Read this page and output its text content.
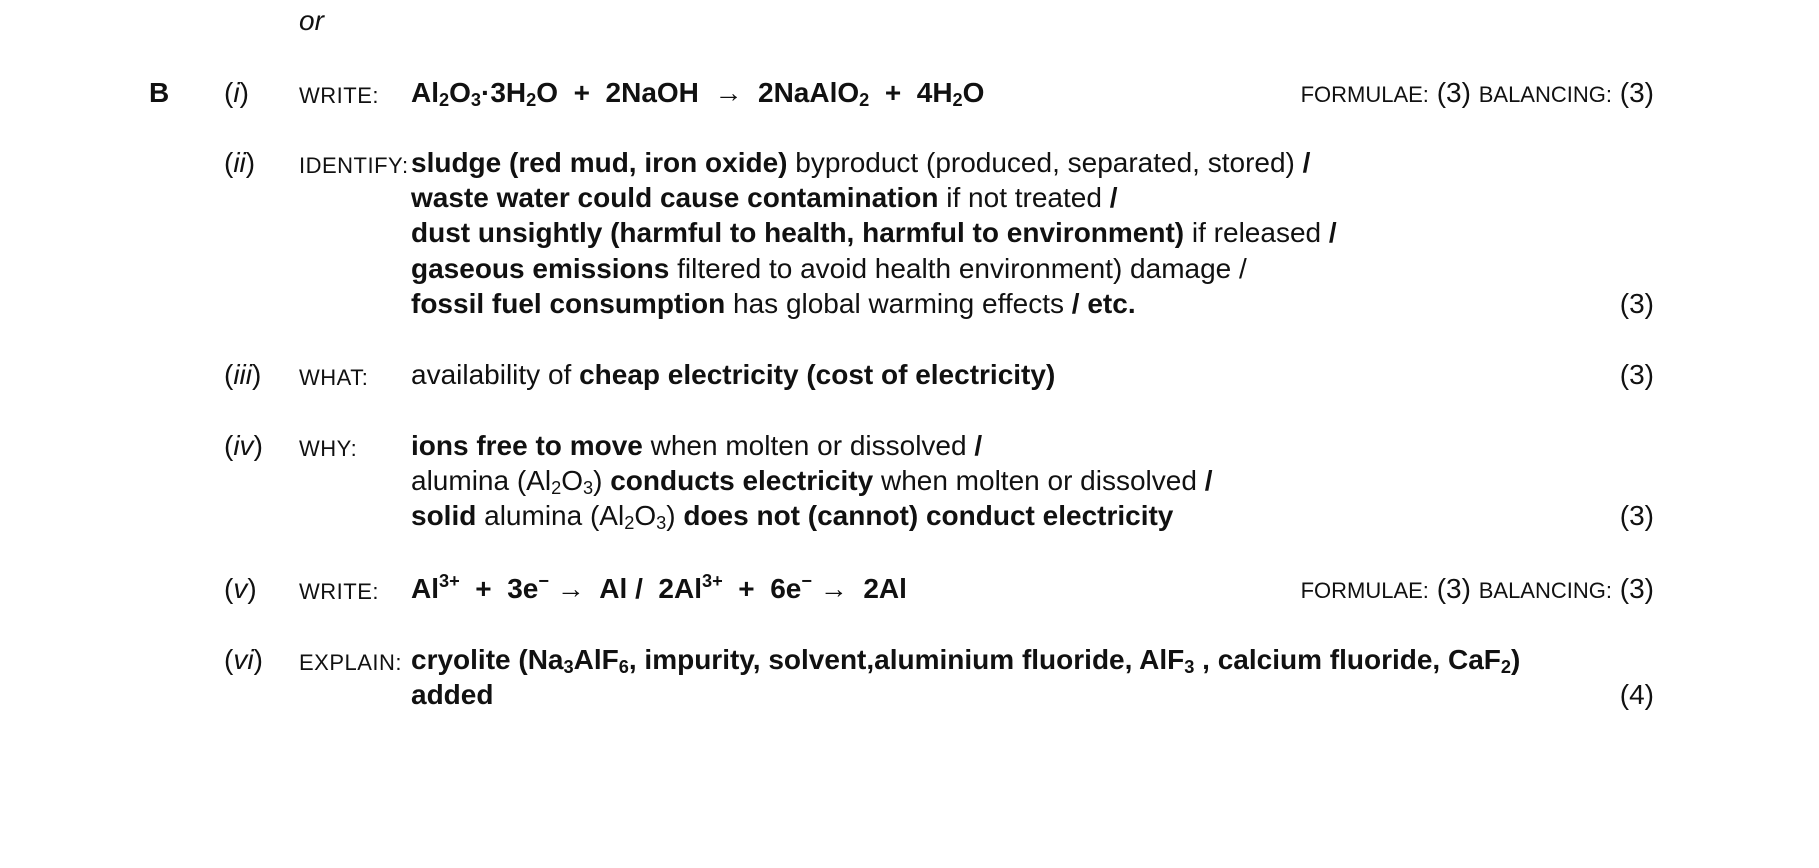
or
B (i) WRITE: $Al_2O_3\cdot 3H_2O$  +  2NaOH  →  2NaAlO$_2$  +  $4H_2O$	FORMULAE: (3) BALANCING: (3)
(ii) IDENTIFY: sludge (red mud, iron oxide) byproduct (produced, separated, stored) /
waste water could cause contamination if not treated /
dust unsightly (harmful to health, harmful to environment) if released /
gaseous emissions filtered to avoid health environment) damage /
fossil fuel consumption has global warming effects / etc.	(3)
(iii) WHAT: availability of cheap electricity (cost of electricity)	(3)
(iv) WHY: ions free to move when molten or dissolved /
alumina $(Al_2O_3)$ conducts electricity when molten or dissolved /
solid alumina $(Al_2O_3)$ does not (cannot) conduct electricity	(3)
(v) WRITE: $Al^{3+} + 3e^- \to Al / 2Al^{3+} + 6e^- \to 2Al$	FORMULAE: (3) BALANCING: (3)
(vi) EXPLAIN: cryolite ($Na_3AlF_6$, impurity, solvent,aluminium fluoride, AlF$_3$ , calcium fluoride, CaF$_2$)
added	(4)
